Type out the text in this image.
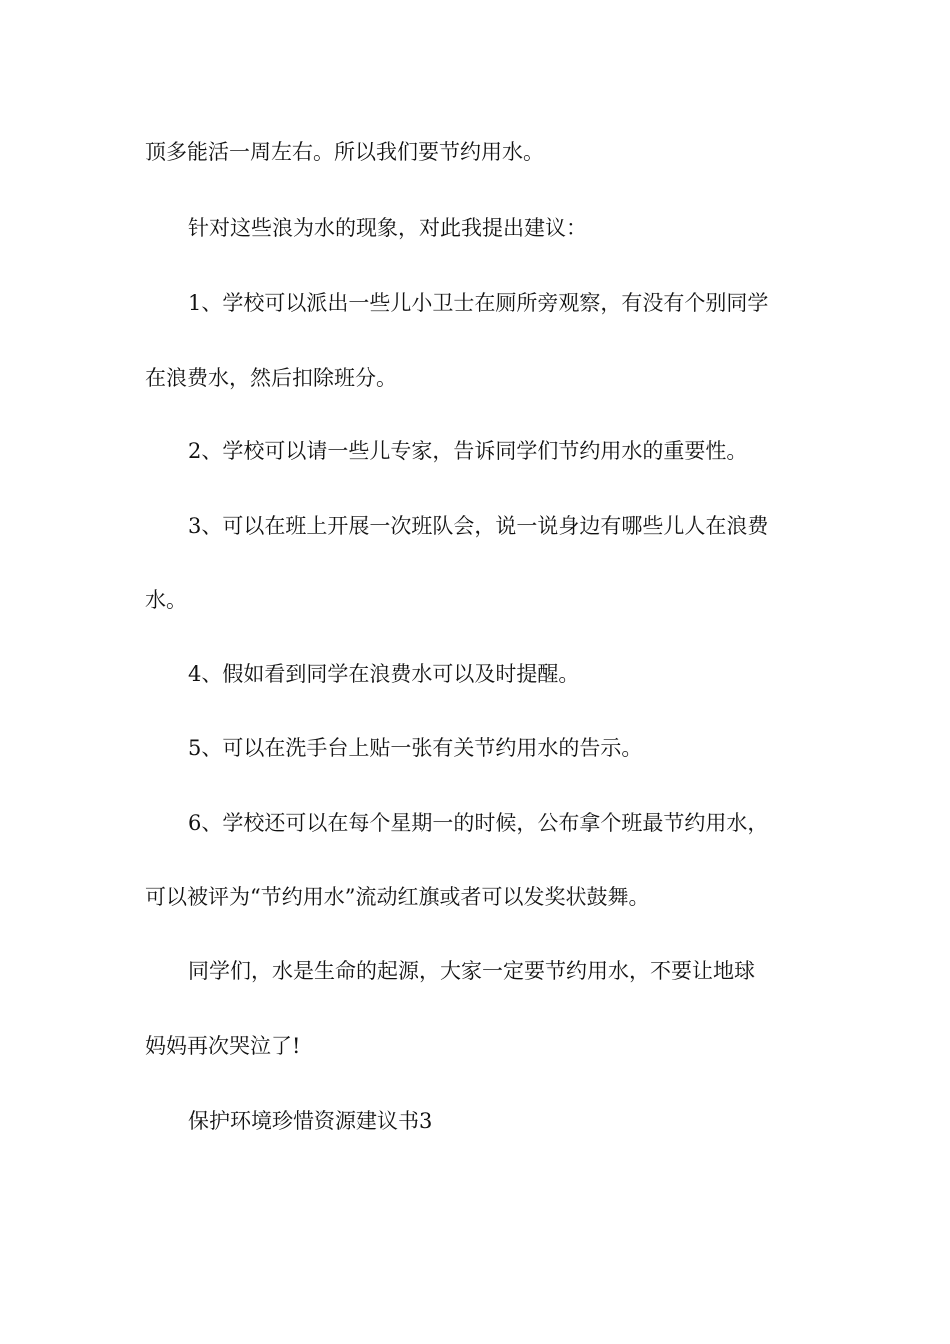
顶多能活一周左右。所以我们要节约用水。

针对这些浪为水的现象，对此我提出建议：

1、学校可以派出一些儿小卫士在厕所旁观察，有没有个别同学

在浪费水，然后扣除班分。

2、学校可以请一些儿专家，告诉同学们节约用水的重要性。

3、可以在班上开展一次班队会，说一说身边有哪些儿人在浪费

水。

4、假如看到同学在浪费水可以及时提醒。

5、可以在洗手台上贴一张有关节约用水的告示。

6、学校还可以在每个星期一的时候，公布拿个班最节约用水，

可以被评为“节约用水”流动红旗或者可以发奖状鼓舞。

同学们，水是生命的起源，大家一定要节约用水，不要让地球

妈妈再次哭泣了!

保护环境珍惜资源建议书3
